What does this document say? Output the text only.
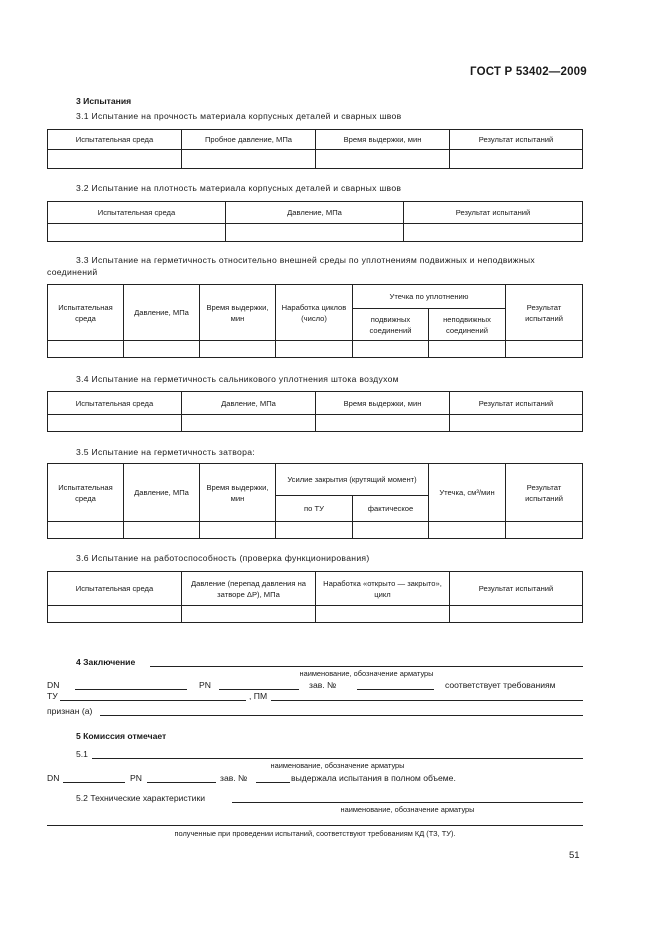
ГОСТ Р 53402—2009
3 Испытания
3.1 Испытание на прочность материала корпусных деталей и сварных швов
Испытательная среда	Пробное давление, МПа	Время выдержки, мин	Результат испытаний

3.2 Испытание на плотность материала корпусных деталей и сварных швов
Испытательная среда	Давление, МПа	Результат испытаний

3.3 Испытание на герметичность относительно внешней среды по уплотнениям подвижных и неподвижных
соединений
Испытательная среда	Давление, МПа	Время выдержки, мин	Наработка циклов (число)	Утечка по уплотнению		Результат испытаний
				подвижных соединений	неподвижных соединений	

3.4 Испытание на герметичность сальникового уплотнения штока воздухом
Испытательная среда	Давление, МПа	Время выдержки, мин	Результат испытаний

3.5 Испытание на герметичность затвора:
Испытательная среда	Давление, МПа	Время выдержки, мин	Усилие закрытия (крутящий момент)		Утечка, см³/мин	Результат испытаний
			по ТУ	фактическое		

3.6 Испытание на работоспособность (проверка функционирования)
Испытательная среда	Давление (перепад давления на затворе ΔP), МПа	Наработка «открыто — закрыто», цикл	Результат испытаний

4 Заключение
наименование, обозначение арматуры
DN	PN	зав. №	соответствует требованиям
ТУ	, ПМ
признан (а)
5 Комиссия отмечает
5.1
наименование, обозначение арматуры
DN	PN	зав. №	выдержала испытания в полном объеме.
5.2 Технические характеристики
наименование, обозначение арматуры
полученные при проведении испытаний, соответствуют требованиям КД (ТЗ, ТУ).
51
